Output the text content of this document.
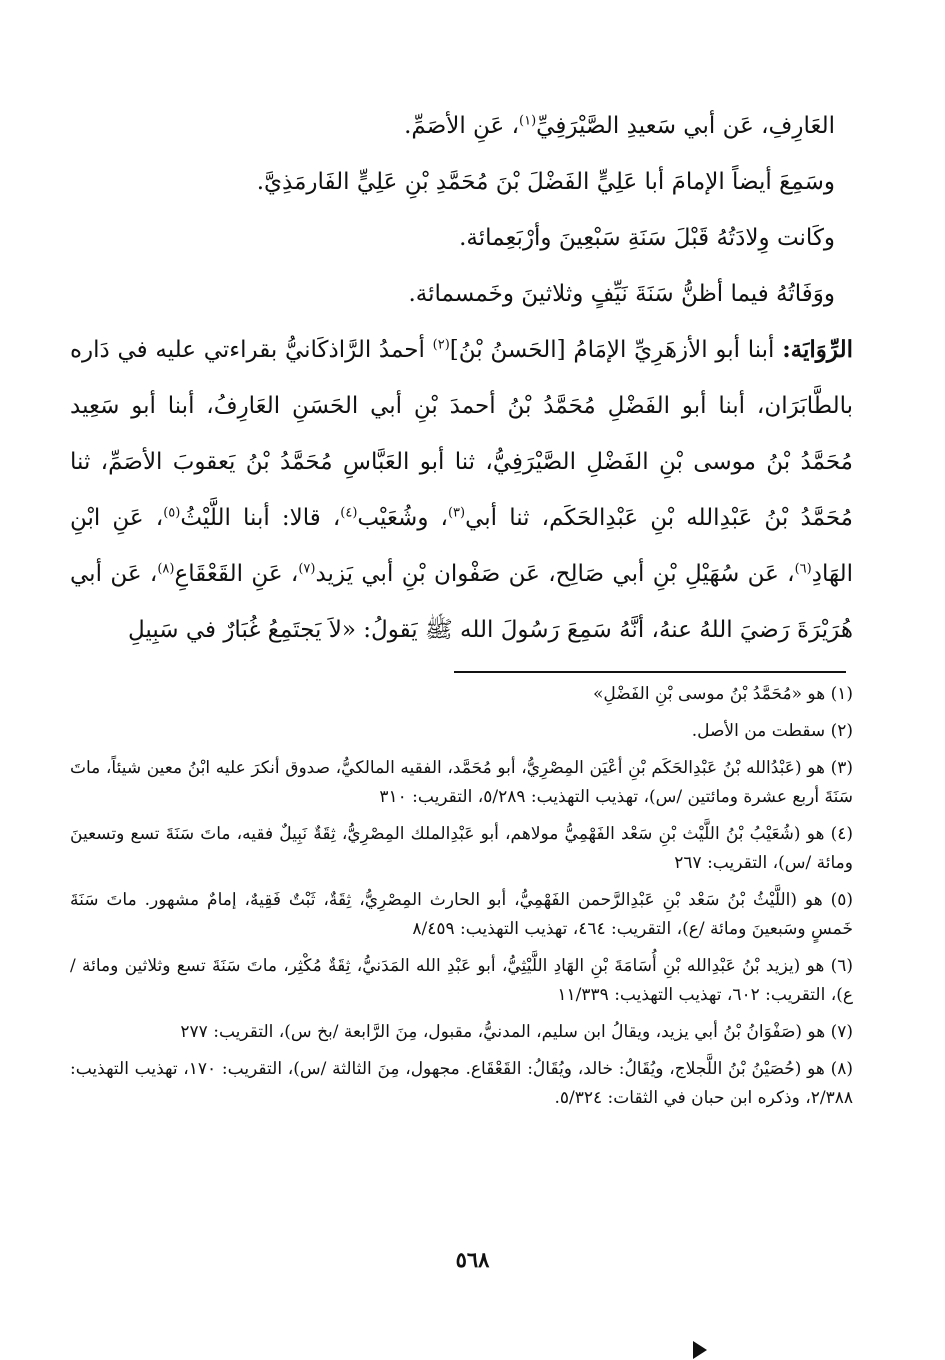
العَارِفِ، عَن أبي سَعيدِ الصَّيْرَفِيِّ$^{(١)}$، عَنِ الأصَمِّ.

وسَمِعَ أيضاً الإمامَ أبا عَلِيٍّ الفَضْلَ بْنَ مُحَمَّدِ بْنِ عَلِيٍّ الفَارمَذِيَّ.

وكَانت وِلادَتُهُ قَبْلَ سَنَةِ سَبْعِينَ وأرْبَعِمائة.

ووَفَاتُهُ فيما أظنُّ سَنَةَ نَيِّفٍ وثلاثينَ وخَمسمائة.

الرِّوَايَة: أبنا أبو الأزهَرِيِّ الإمَامُ [الحَسنُ بْنُ]$^{(٢)}$ أحمدُ الرَّاذكَانيُّ بقراءتي عليه في دَاره بالطَّابَرَان، أبنا أبو الفَضْلِ مُحَمَّدُ بْنُ أحمدَ بْنِ أبي الحَسَنِ العَارِفُ، أبنا أبو سَعِيد مُحَمَّدُ بْنُ موسى بْنِ الفَضْلِ الصَّيْرَفِيُّ، ثنا أبو العَبَّاسِ مُحَمَّدُ بْنُ يَعقوبَ الأصَمِّ، ثنا مُحَمَّدُ بْنُ عَبْدِالله بْنِ عَبْدِالحَكَم، ثنا أبي$^{(٣)}$، وشُعَيْب$^{(٤)}$، قالا: أبنا اللَّيْثُ$^{(٥)}$، عَنِ ابْنِ الهَادِ$^{(٦)}$، عَن سُهَيْلِ بْنِ أبي صَالِح، عَن صَفْوان بْنِ أبي يَزيد$^{(٧)}$، عَنِ القَعْقَاعِ$^{(٨)}$، عَن أبي هُرَيْرَةَ رَضيَ اللهُ عنهُ، أنَّهُ سَمِعَ رَسُولَ الله ﷺ يَقولُ: «لاَ يَجتَمِعُ غُبَارٌ في سَبِيلِ

(١) هو «مُحَمَّدُ بْنُ موسى بْنِ الفَضْلِ»

(٢) سقطت من الأصل.

(٣) هو (عَبْدُالله بْنُ عَبْدِالحَكَم بْنِ أعْيَن المِصْرِيُّ، أبو مُحَمَّد، الفقيه المالكيُّ، صدوق أنكرَ عليه ابْنُ معين شيئاً، ماتَ سَنَةَ أربع عشرة ومائتين /س)، تهذيب التهذيب: ٥/٢٨٩، التقريب: ٣١٠

(٤) هو (شُعَيْبُ بْنُ اللَّيْث بْنِ سَعْد الفَهْمِيُّ مولاهم، أبو عَبْدِالملك المِصْرِيُّ، ثِقَةٌ نَبِيلٌ فقيه، ماتَ سَنَةَ تسع وتسعينَ ومائة /س)، التقريب: ٢٦٧

(٥) هو (اللَّيْثُ بْنُ سَعْد بْنِ عَبْدِالرَّحمن الفَهْمِيُّ، أبو الحارث المِصْرِيُّ، ثِقَةٌ، ثَبْتٌ فَقِيهٌ، إمامٌ مشهور. ماتَ سَنَةَ خَمسٍ وسَبعينَ ومائة /ع)، التقريب: ٤٦٤، تهذيب التهذيب: ٨/٤٥٩

(٦) هو (يزيد بْنُ عَبْدِالله بْنِ أُسَامَةَ بْنِ الهَادِ اللَّيْثِيُّ، أبو عَبْدِ الله المَدَنيُّ، ثِقَةٌ مُكْثِر، ماتَ سَنَةَ تسع وثلاثين ومائة /ع)، التقريب: ٦٠٢، تهذيب التهذيب: ١١/٣٣٩

(٧) هو (صَفْوَانُ بْنُ أبي يزيد، ويقالُ ابن سليم، المدنيُّ، مقبول، مِنَ الرَّابعة /بخ س)، التقريب: ٢٧٧

(٨) هو (حُصَيْنُ بْنُ اللَّجلاج، ويُقَالُ: خالد، ويُقَالُ: القَعْقَاع. مجهول، مِنَ الثالثة /س)، التقريب: ١٧٠، تهذيب التهذيب: ٢/٣٨٨، وذكره ابن حبان في الثقات: ٥/٣٢٤.

٥٦٨
